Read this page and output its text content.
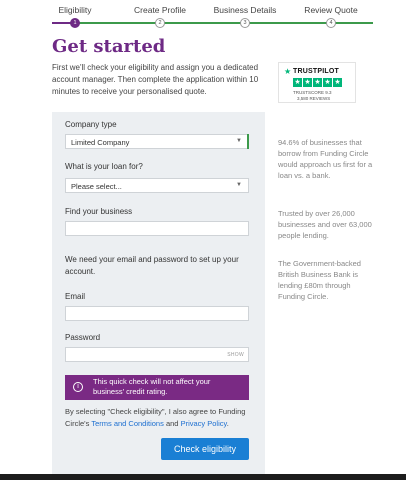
Eligibility	Create Profile	Business Details	Review Quote
1	2	3	4
Get started

First we'll check your eligibility and assign you a dedicated account manager. Then complete the application within 10 minutes to receive your personalised quote.

Company type
Limited Company	▼
What is your loan for?
Please select...	▼
Find your business
We need your email and password to set up your account.
Email
Password
SHOW
i
This quick check will not affect your business' credit rating.
By selecting "Check eligibility", I also agree to Funding Circle's Terms and Conditions and Privacy Policy.
Check eligibility
★ TRUSTPILOT
★ ★ ★ ★ ★
TRUSTSCORE 9.3
3,580 REVIEWS

94.6% of businesses that borrow from Funding Circle would approach us first for a loan vs. a bank.

Trusted by over 26,000 businesses and over 63,000 people lending.

The Government-backed British Business Bank is lending £80m through Funding Circle.
